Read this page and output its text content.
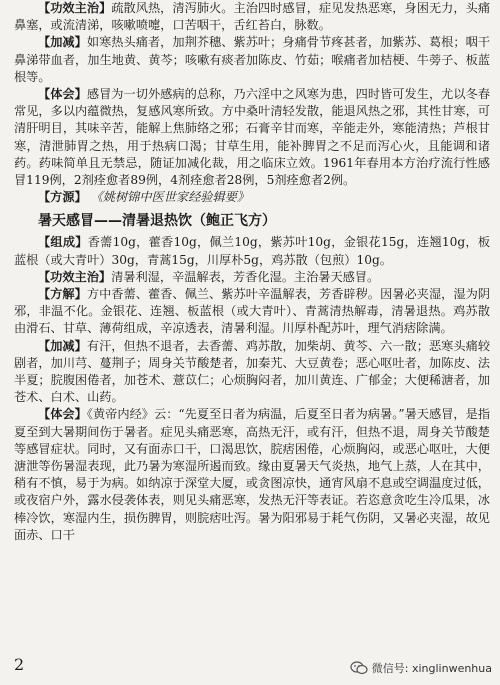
【功效主治】疏散风热，清泻肺火。主治四时感冒，症见发热恶寒，身困无力，头痛鼻塞，或流清涕，咳嗽喷嚏，口苦咽干，舌红苔白，脉数。

【加减】如寒热头痛者，加荆芥穗、紫苏叶；身痛骨节疼甚者，加紫苏、葛根；咽干鼻涕带血者，加生地黄、黄芩；咳嗽有痰者加陈皮、竹茹；喉痛者加桔梗、牛蒡子、板蓝根等。

【体会】感冒为一切外感病的总称，乃六淫中之风寒为患，四时皆可发生，尤以冬春常见，多以内蕴微热，复感风寒所致。方中桑叶清轻发散，能退风热之邪，其性甘寒，可清肝明目，其味辛苦，能解上焦肺络之邪；石膏辛甘而寒，辛能走外，寒能清热；芦根甘寒，清泄肺胃之热，用于热病口渴；甘草生用，能补脾胃之不足而泻心火，且能调和诸药。药味简单且无禁忌，随证加减化裁，用之临床立效。1961年春用本方治疗流行性感冒119例，2剂痊愈者89例，4剂痊愈者28例，5剂痊愈者2例。

【方源】 《姚树锦中医世家经验辑要》

暑天感冒——清暑退热饮（鲍正飞方）

【组成】香薷10g，藿香10g，佩兰10g，紫苏叶10g，金银花15g，连翘10g，板蓝根（或大青叶）30g，青蒿15g，川厚朴5g，鸡苏散（包煎）10g。

【功效主治】清暑利湿，辛温解表，芳香化湿。主治暑天感冒。

【方解】方中香薷、藿香、佩兰、紫苏叶辛温解表，芳香辟秽。因暑必夹湿，湿为阴邪，非温不化。金银花、连翘、板蓝根（或大青叶）、青蒿清热解毒，清暑退热。鸡苏散由滑石、甘草、薄荷组成，辛凉透表，清暑利湿。川厚朴配苏叶，理气消痞除满。

【加减】有汗，但热不退者，去香薷、鸡苏散，加柴胡、黄芩、六一散；恶寒头痛较剧者，加川芎、蔓荆子；周身关节酸楚者，加秦艽、大豆黄卷；恶心呕吐者，加陈皮、法半夏；脘腹困倦者，加苍术、薏苡仁；心烦胸闷者，加川黄连、广郁金；大便稀溏者，加苍术、白术、山药。

【体会】《黄帝内经》云：“先夏至日者为病温，后夏至日者为病暑。”暑天感冒，是指夏至到大暑期间伤于暑者。症见头痛恶寒，高热无汗，或有汗，但热不退，周身关节酸楚等感冒症状。同时，又有面赤口干，口渴思饮，脘痞困倦，心烦胸闷，或恶心呕吐，大便溏泄等伤暑湿表现，此乃暑为寒湿所遏而致。缘由夏暑天气炎热，地气上蒸，人在其中，稍有不慎，易于为病。如纳凉于深堂大厦，或贪图凉快，通宵风扇不息或空调温度过低，或夜宿户外，露水侵袭体表，则见头痛恶寒，发热无汗等表证。若恣意贪吃生冷瓜果，冰棒冷饮，寒湿内生，损伤脾胃，则脘痞吐泻。暑为阳邪易于耗气伤阴，又暑必夹湿，故见面赤、口干

2	微信号: xinglinwenhua
